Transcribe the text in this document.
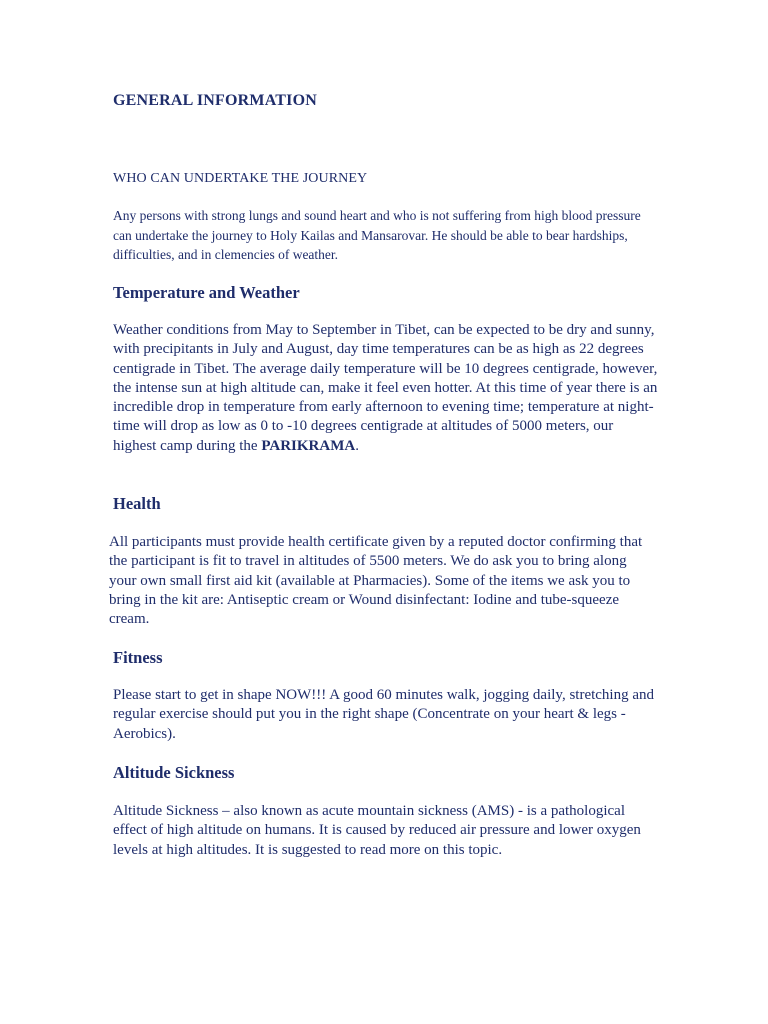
GENERAL INFORMATION

WHO CAN UNDERTAKE THE JOURNEY

Any persons with strong lungs and sound heart and who is not suffering from high blood pressure can undertake the journey to Holy Kailas and Mansarovar. He should be able to bear hardships, difficulties, and in clemencies of weather.

Temperature and Weather

Weather conditions from May to September in Tibet, can be expected to be dry and sunny, with precipitants in July and August, day time temperatures can be as high as 22 degrees centigrade in Tibet. The average daily temperature will be 10 degrees centigrade, however, the intense sun at high altitude can, make it feel even hotter. At this time of year there is an incredible drop in temperature from early afternoon to evening time; temperature at night-time will drop as low as 0 to -10 degrees centigrade at altitudes of 5000 meters, our highest camp during the PARIKRAMA.

Health

All participants must provide health certificate given by a reputed doctor confirming that the participant is fit to travel in altitudes of 5500 meters. We do ask you to bring along your own small first aid kit (available at Pharmacies). Some of the items we ask you to bring in the kit are: Antiseptic cream or Wound disinfectant: Iodine and tube-squeeze cream.

Fitness

Please start to get in shape NOW!!! A good 60 minutes walk, jogging daily, stretching and regular exercise should put you in the right shape (Concentrate on your heart & legs - Aerobics).

Altitude Sickness

Altitude Sickness – also known as acute mountain sickness (AMS) - is a pathological effect of high altitude on humans. It is caused by reduced air pressure and lower oxygen levels at high altitudes. It is suggested to read more on this topic.
